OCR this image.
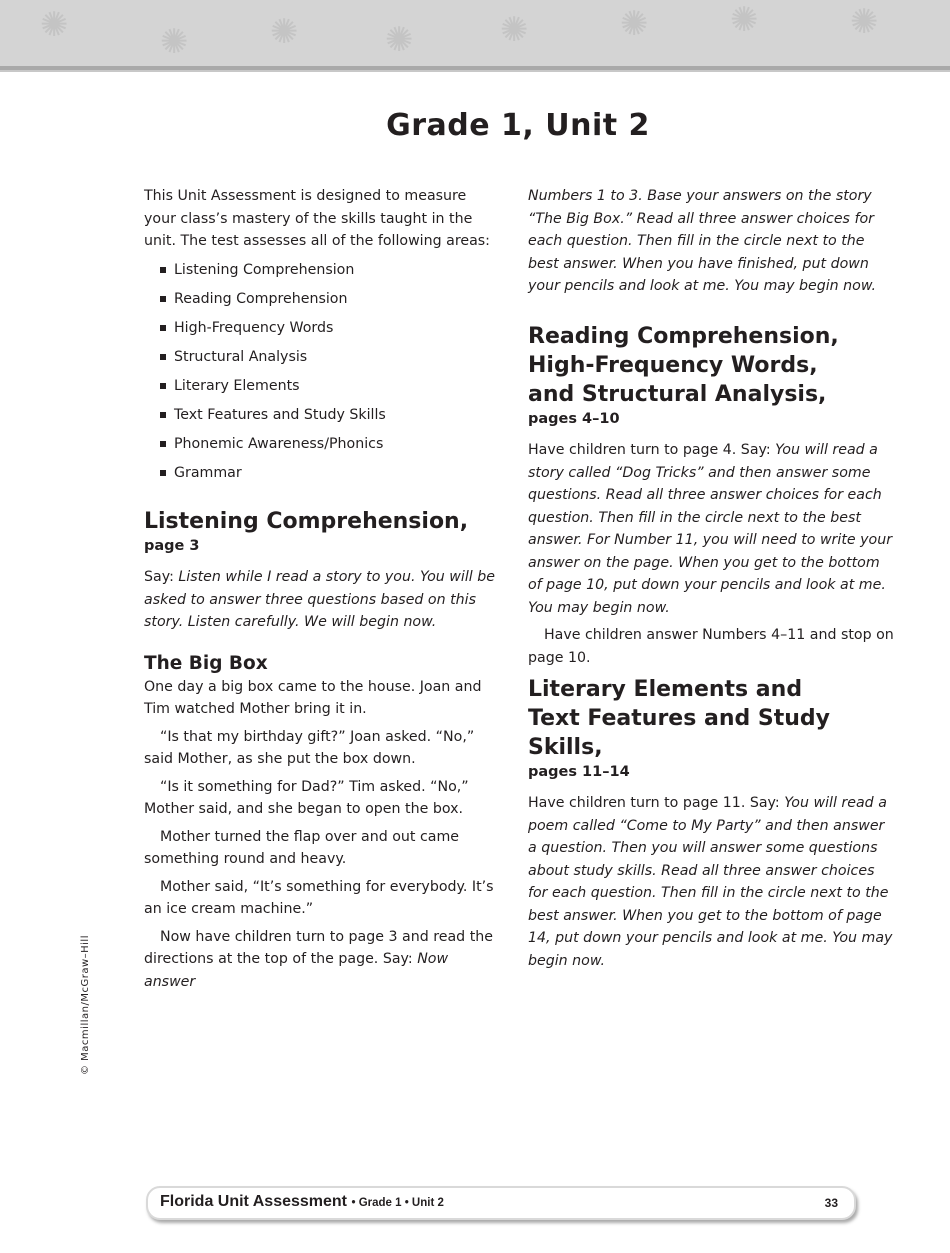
✺	✺ ✺	✺	✺	✺ ✺	✺
Grade 1, Unit 2

This Unit Assessment is designed to measure your class’s mastery of the skills taught in the unit. The test assesses all of the following areas:

Listening Comprehension
Reading Comprehension
High-Frequency Words
Structural Analysis
Literary Elements
Text Features and Study Skills
Phonemic Awareness/Phonics
Grammar
Listening Comprehension,
page 3

Say: Listen while I read a story to you. You will be asked to answer three questions based on this story. Listen carefully. We will begin now.

The Big Box

One day a big box came to the house. Joan and Tim watched Mother bring it in.

“Is that my birthday gift?” Joan asked. “No,” said Mother, as she put the box down.

“Is it something for Dad?” Tim asked. “No,” Mother said, and she began to open the box.

Mother turned the flap over and out came something round and heavy.

Mother said, “It’s something for everybody. It’s an ice cream machine.”

Now have children turn to page 3 and read the directions at the top of the page. Say: Now answer

Numbers 1 to 3. Base your answers on the story “The Big Box.” Read all three answer choices for each question. Then fill in the circle next to the best answer. When you have finished, put down your pencils and look at me. You may begin now.

Reading Comprehension, High-Frequency Words, and Structural Analysis,
pages 4–10

Have children turn to page 4. Say: You will read a story called “Dog Tricks” and then answer some questions. Read all three answer choices for each question. Then fill in the circle next to the best answer. For Number 11, you will need to write your answer on the page. When you get to the bottom of page 10, put down your pencils and look at me. You may begin now.

Have children answer Numbers 4–11 and stop on page 10.

Literary Elements and Text Features and Study Skills,
pages 11–14

Have children turn to page 11. Say: You will read a poem called “Come to My Party” and then answer a question. Then you will answer some questions about study skills. Read all three answer choices for each question. Then fill in the circle next to the best answer. When you get to the bottom of page 14, put down your pencils and look at me. You may begin now.

© Macmillan/McGraw–Hill
Florida Unit Assessment • Grade 1 • Unit 2	33
